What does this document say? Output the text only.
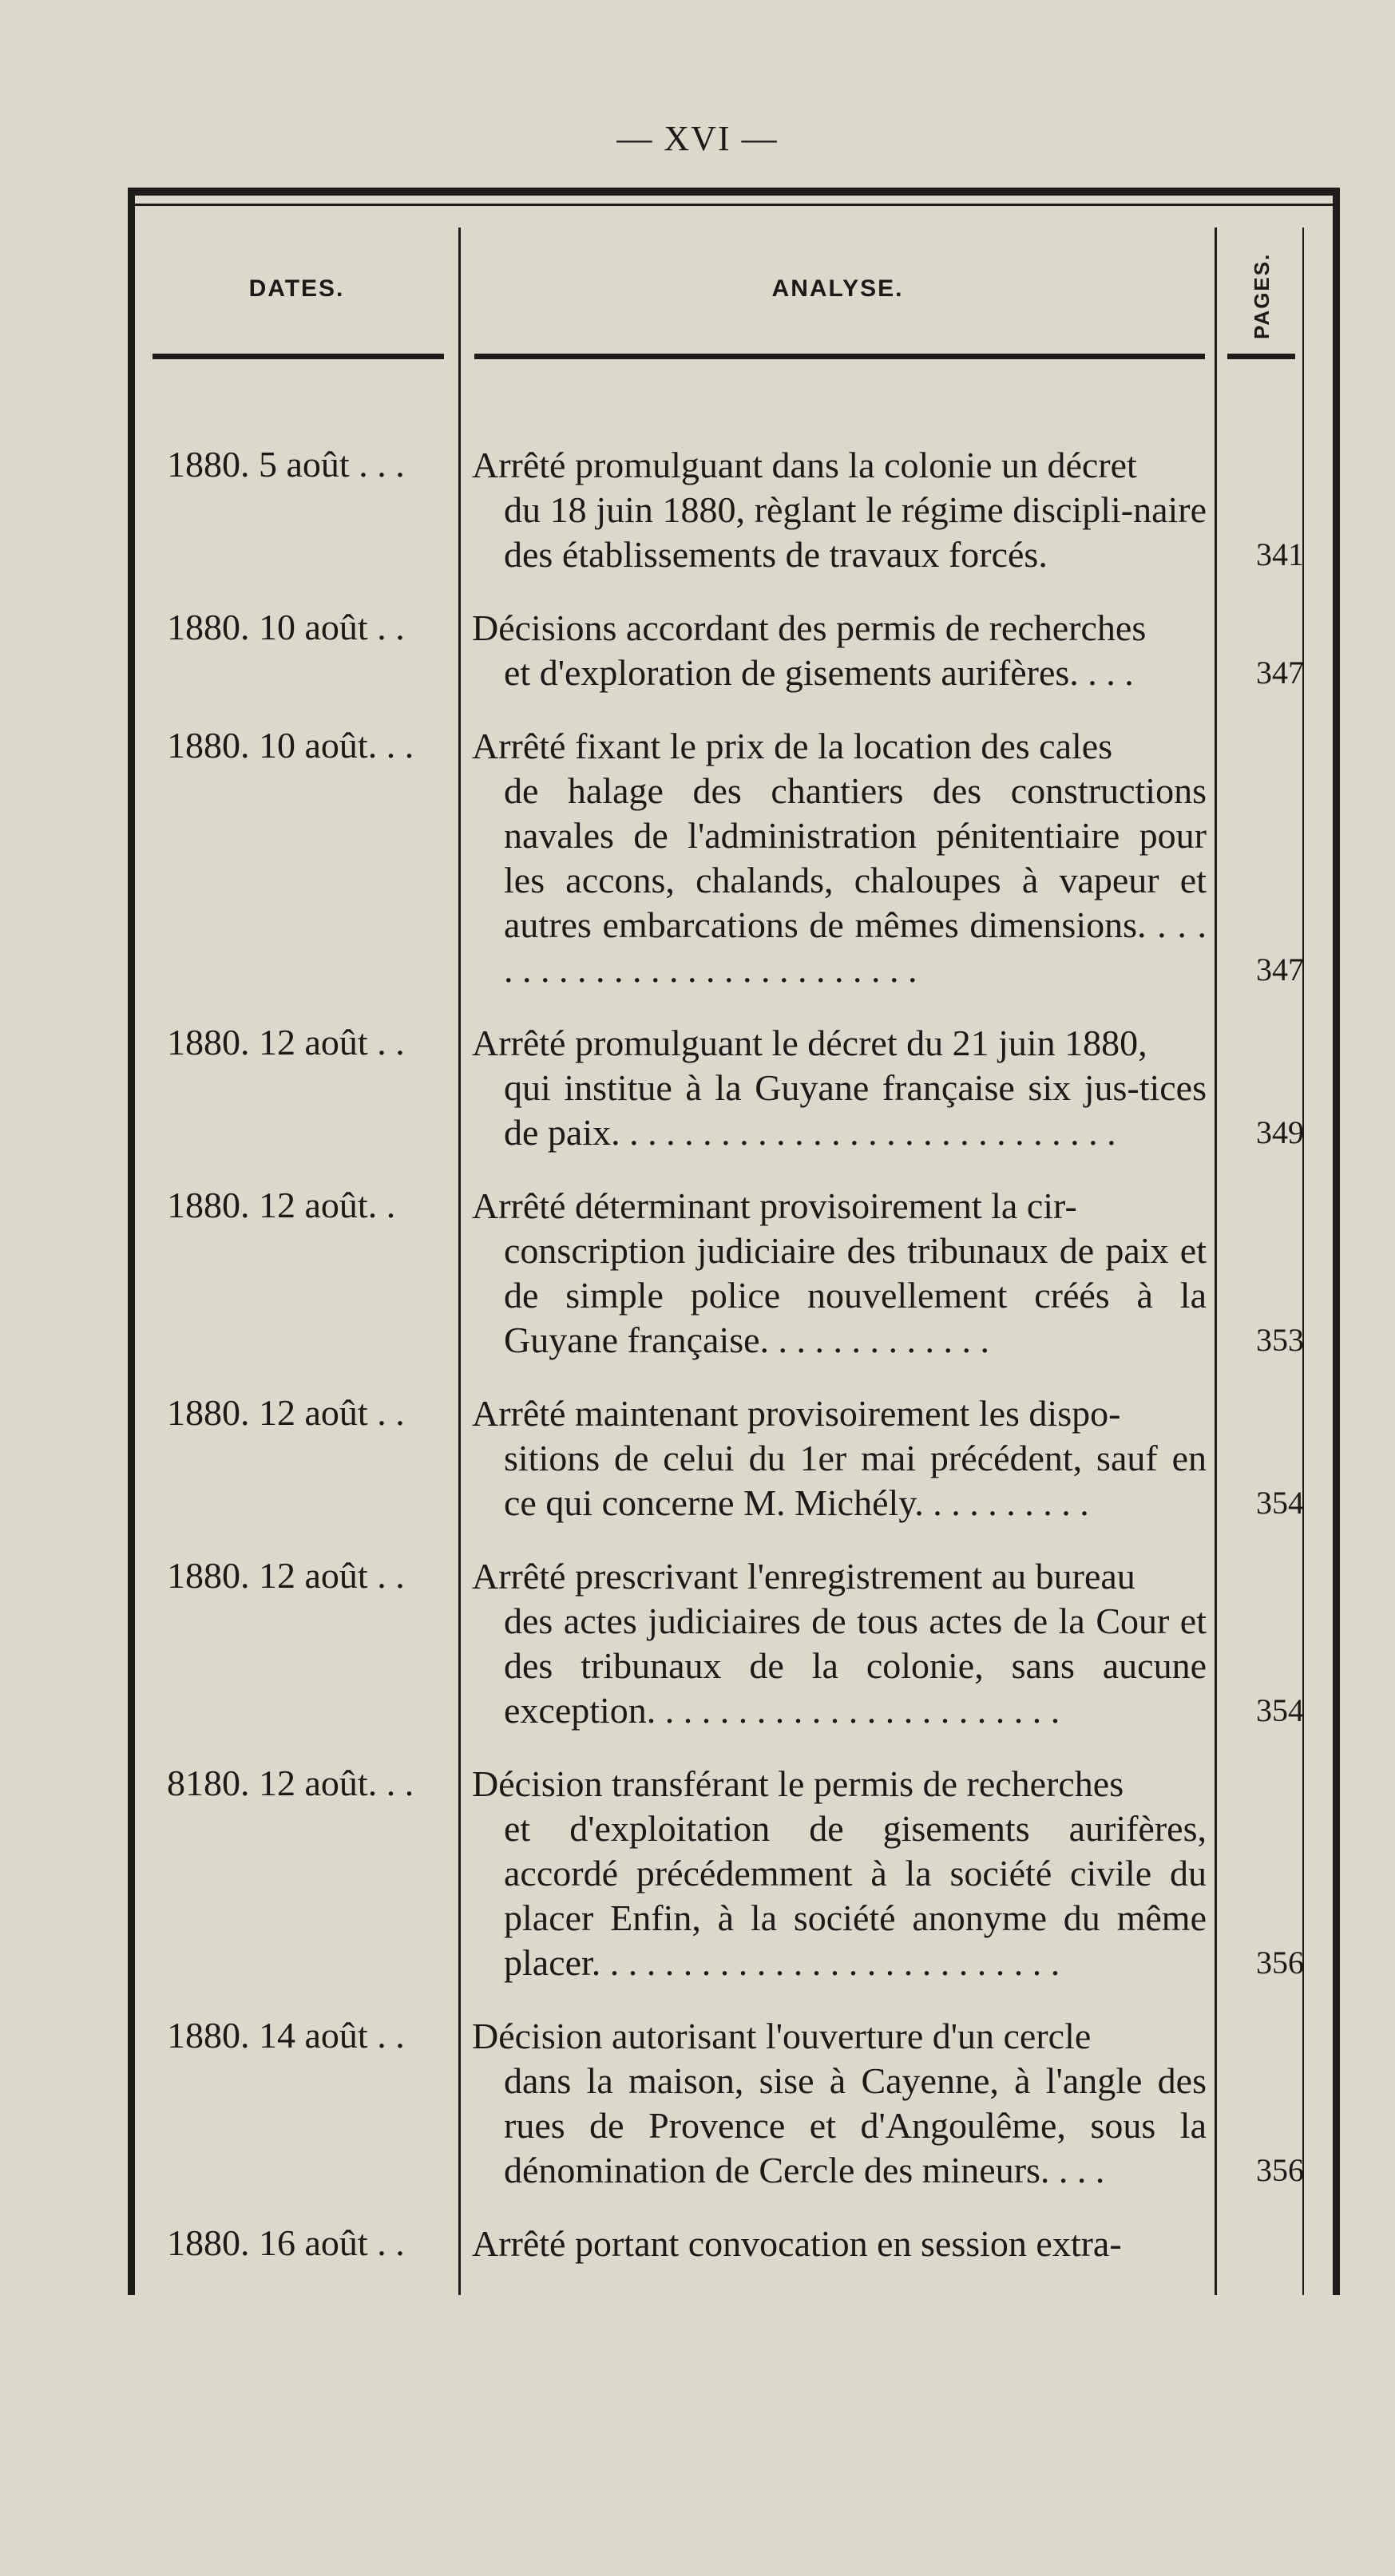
— XVI —
DATES.	ANALYSE.	PAGES.
1880. 5 août . . . Arrêté promulguant dans la colonie un décret
du 18 juin 1880, règlant le régime discipli-naire des établissements de travaux forcés.	341
1880. 10 août . . Décisions accordant des permis de recherches
et d'exploration de gisements aurifères. . . .	347
1880. 10 août. . . Arrêté fixant le prix de la location des cales
de halage des chantiers des constructions navales de l'administration pénitentiaire pour les accons, chalands, chaloupes à vapeur et autres embarcations de mêmes dimensions. . . . . . . . . . . . . . . . . . . . . . . . . . .	347
1880. 12 août . . Arrêté promulguant le décret du 21 juin 1880,
qui institue à la Guyane française six jus-tices de paix. . . . . . . . . . . . . . . . . . . . . . . . . . . .	349
1880. 12 août. . Arrêté déterminant provisoirement la cir-
conscription judiciaire des tribunaux de paix et de simple police nouvellement créés à la Guyane française. . . . . . . . . . . . .	353
1880. 12 août . . Arrêté maintenant provisoirement les dispo-
sitions de celui du 1er mai précédent, sauf en ce qui concerne M. Michély. . . . . . . . . .	354
1880. 12 août . . Arrêté prescrivant l'enregistrement au bureau
des actes judiciaires de tous actes de la Cour et des tribunaux de la colonie, sans aucune exception. . . . . . . . . . . . . . . . . . . . . . .	354
8180. 12 août. . . Décision transférant le permis de recherches
et d'exploitation de gisements aurifères, accordé précédemment à la société civile du placer Enfin, à la société anonyme du même placer. . . . . . . . . . . . . . . . . . . . . . . . . .	356
1880. 14 août . . Décision autorisant l'ouverture d'un cercle
dans la maison, sise à Cayenne, à l'angle des rues de Provence et d'Angoulême, sous la dénomination de Cercle des mineurs. . . .	356
1880. 16 août . . Arrêté portant convocation en session extra-
